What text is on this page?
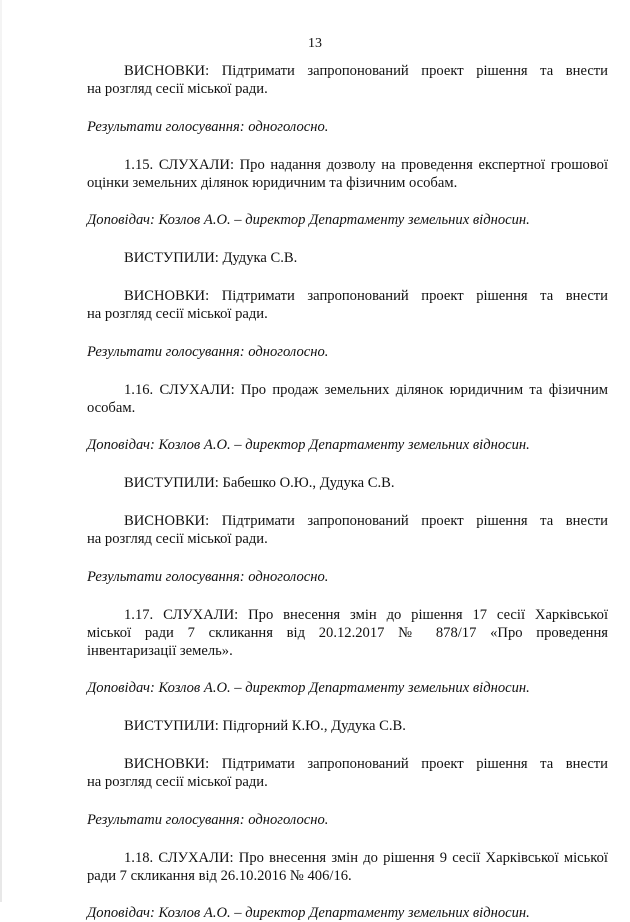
13

ВИСНОВКИ: Підтримати запропонований проект рішення та внести

на розгляд сесії міської ради.

Результати голосування: одноголосно.

1.15. СЛУХАЛИ: Про надання дозволу на проведення експертної грошової

оцінки земельних ділянок юридичним та фізичним особам.

Доповідач: Козлов А.О. – директор Департаменту земельних відносин.

ВИСТУПИЛИ: Дудука С.В.

ВИСНОВКИ: Підтримати запропонований проект рішення та внести

на розгляд сесії міської ради.

Результати голосування: одноголосно.

1.16. СЛУХАЛИ: Про продаж земельних ділянок юридичним та фізичним

особам.

Доповідач: Козлов А.О. – директор Департаменту земельних відносин.

ВИСТУПИЛИ: Бабешко О.Ю., Дудука С.В.

ВИСНОВКИ: Підтримати запропонований проект рішення та внести

на розгляд сесії міської ради.

Результати голосування: одноголосно.

1.17. СЛУХАЛИ: Про внесення змін до рішення 17 сесії Харківської

міської ради 7 скликання від 20.12.2017 № 878/17 «Про проведення

інвентаризації земель».

Доповідач: Козлов А.О. – директор Департаменту земельних відносин.

ВИСТУПИЛИ: Підгорний К.Ю., Дудука С.В.

ВИСНОВКИ: Підтримати запропонований проект рішення та внести

на розгляд сесії міської ради.

Результати голосування: одноголосно.

1.18. СЛУХАЛИ: Про внесення змін до рішення 9 сесії Харківської міської

ради 7 скликання від 26.10.2016 № 406/16.

Доповідач: Козлов А.О. – директор Департаменту земельних відносин.
